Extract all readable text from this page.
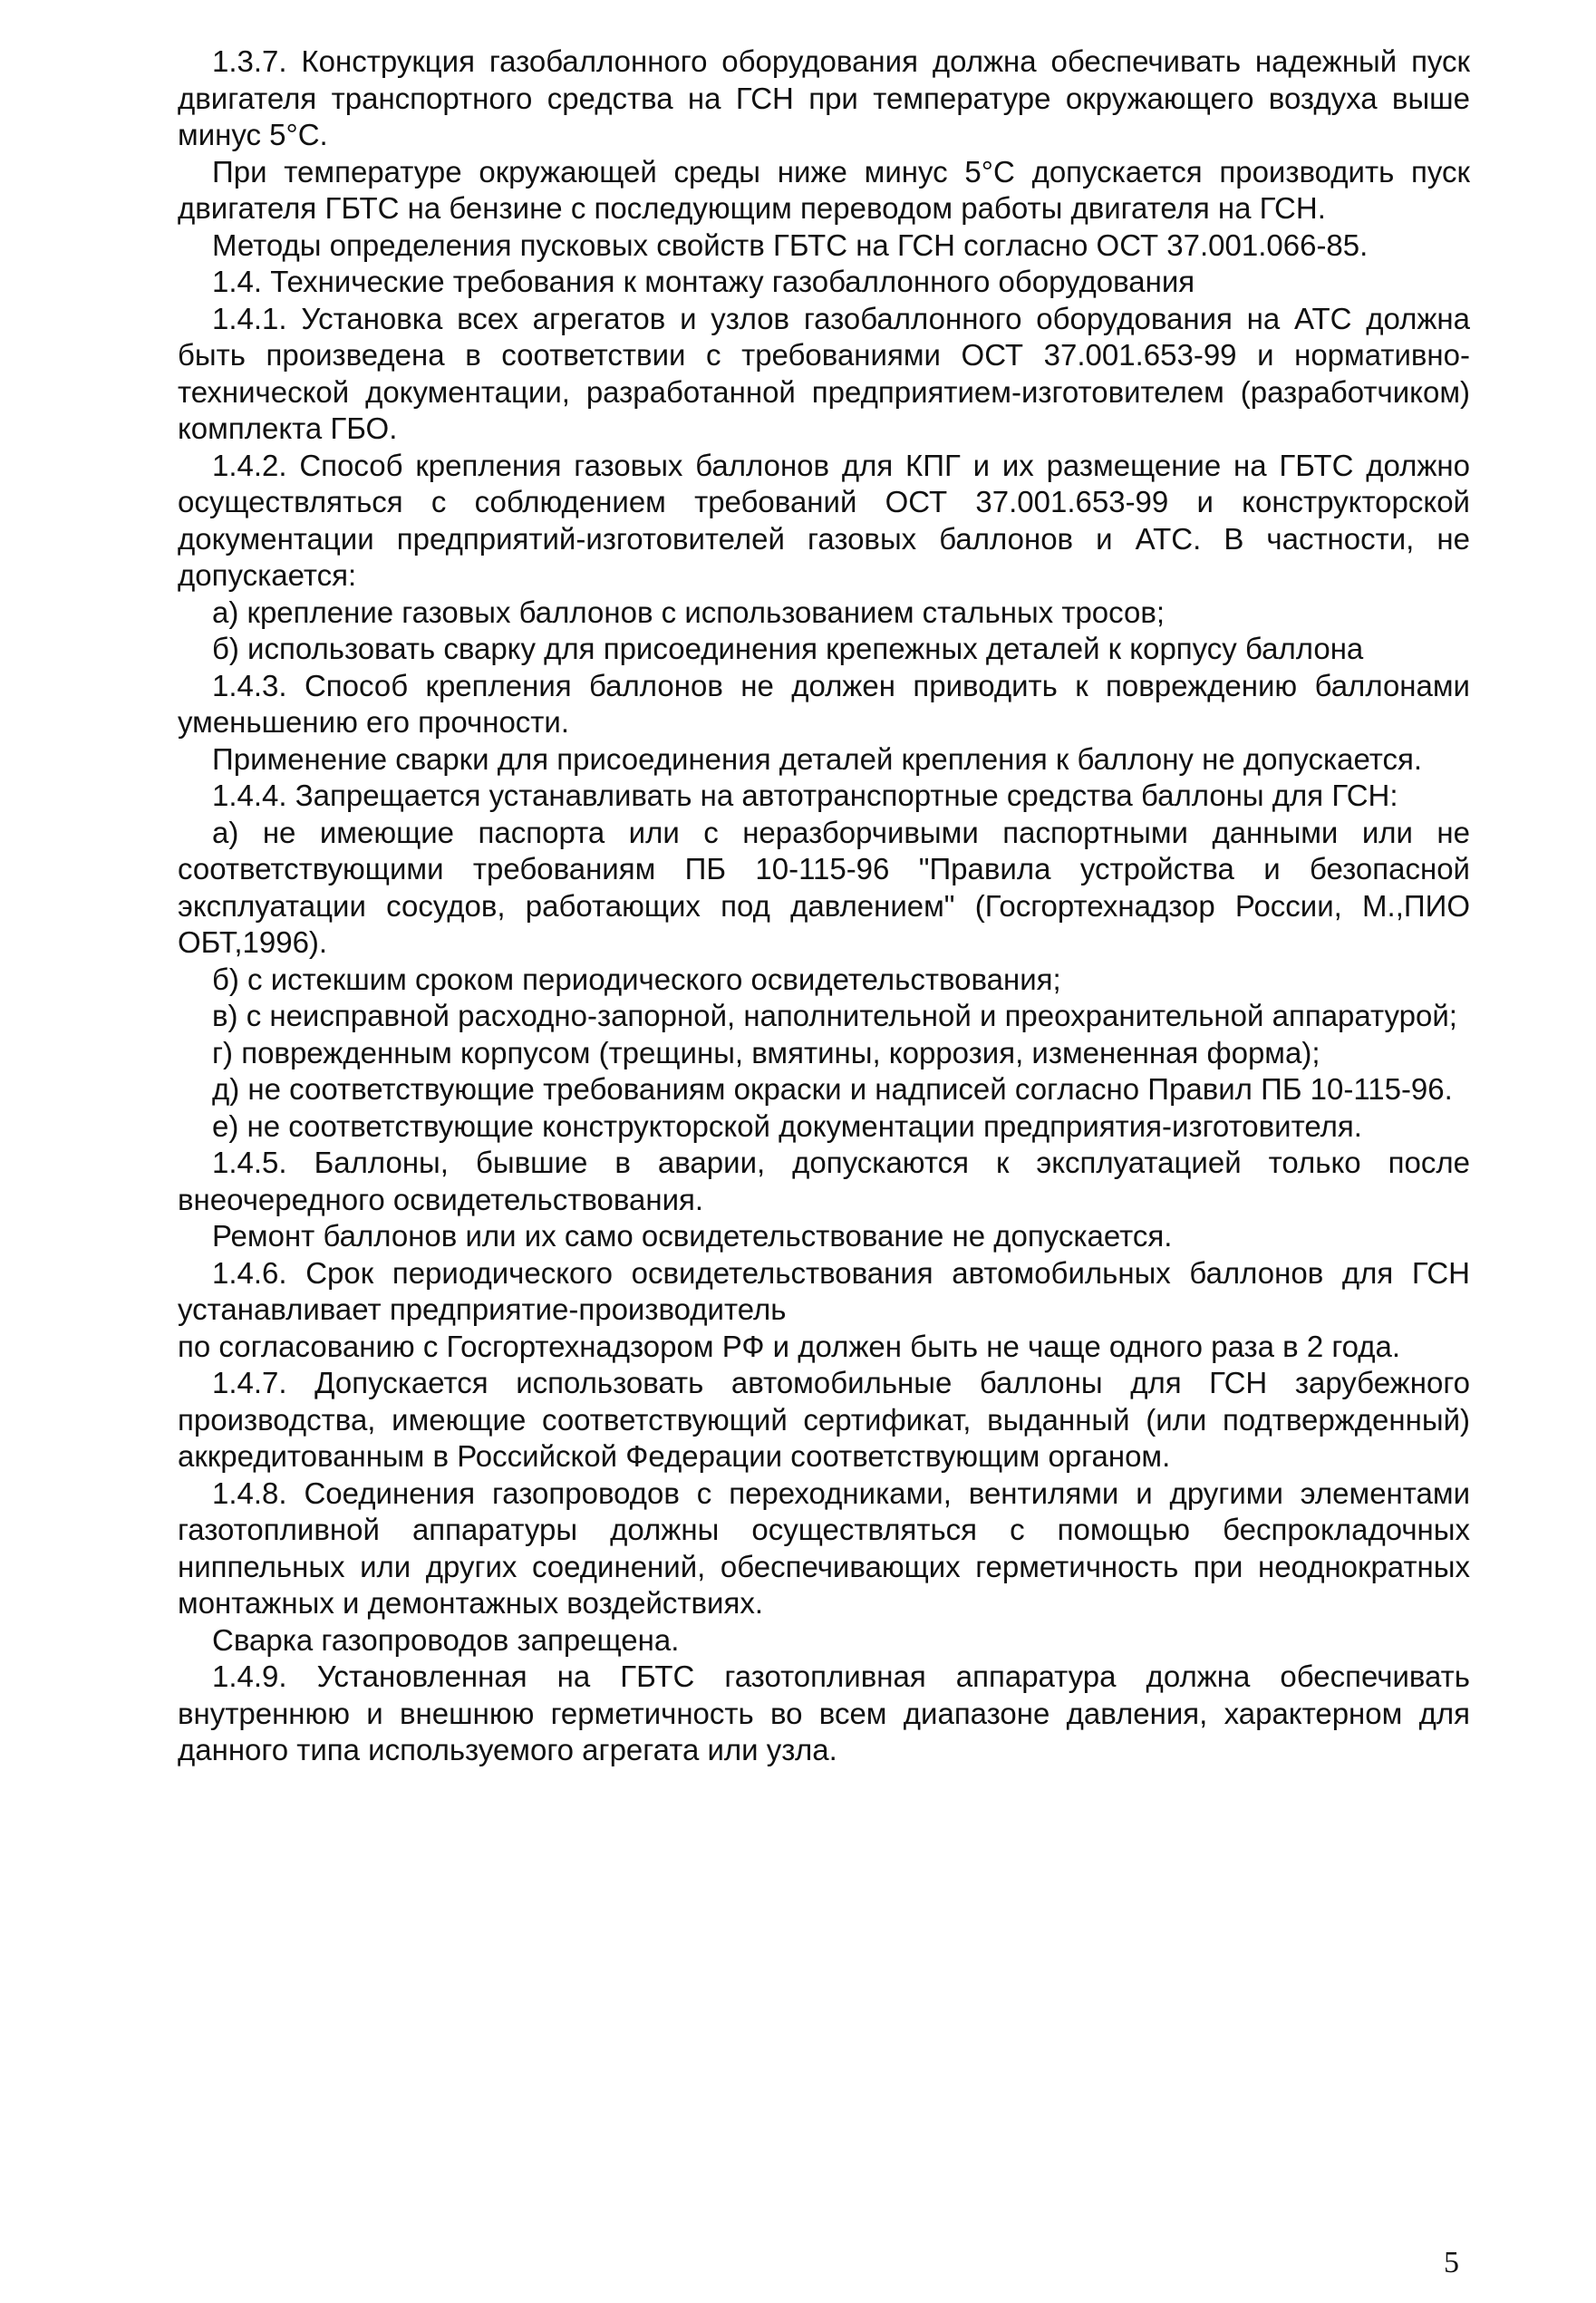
1.3.7. Конструкция газобаллонного оборудования должна обеспечивать надежный пуск двигателя транспортного средства на ГСН при температуре окружающего воздуха выше минус 5°С.

При температуре окружающей среды ниже минус 5°С допускается производить пуск двигателя ГБТС на бензине с последующим переводом работы двигателя на ГСН.

Методы определения пусковых свойств ГБТС на ГСН согласно ОСТ 37.001.066-85.

1.4. Технические требования к монтажу газобаллонного оборудования

1.4.1. Установка всех агрегатов и узлов газобаллонного оборудования на АТС должна быть произведена в соответствии с требованиями ОСТ 37.001.653-99 и нормативно-технической документации, разработанной предприятием-изготовителем (разработчиком) комплекта ГБО.

1.4.2. Способ крепления газовых баллонов для КПГ и их размещение на ГБТС должно осуществляться с соблюдением требований ОСТ 37.001.653-99 и конструкторской документации предприятий-изготовителей газовых баллонов и АТС. В частности, не допускается:

а) крепление газовых баллонов с использованием стальных тросов;

б) использовать сварку для присоединения крепежных деталей к корпусу баллона

1.4.3. Способ крепления баллонов не должен приводить к повреждению баллонами уменьшению его прочности.

Применение сварки для присоединения деталей крепления к баллону не допускается.

1.4.4. Запрещается устанавливать на автотранспортные средства баллоны для ГСН:

а) не имеющие паспорта или с неразборчивыми паспортными данными или не соответствующими требованиям ПБ 10-115-96 "Правила устройства и безопасной эксплуатации сосудов, работающих под давлением" (Госгортехнадзор России, М.,ПИО ОБТ,1996).

б) с истекшим сроком периодического освидетельствования;

в) с неисправной расходно-запорной, наполнительной и преохранительной аппаратурой;

г) поврежденным корпусом (трещины, вмятины, коррозия, измененная форма);

д) не соответствующие требованиям окраски и надписей согласно Правил ПБ 10-115-96.

е) не соответствующие конструкторской документации предприятия-изготовителя.

1.4.5. Баллоны, бывшие в аварии, допускаются к эксплуатацией только после внеочередного освидетельствования.

Ремонт баллонов или их само освидетельствование не допускается.

1.4.6. Срок периодического освидетельствования автомобильных баллонов для ГСН устанавливает предприятие-производитель

по согласованию с Госгортехнадзором РФ и должен быть не чаще одного раза в 2 года.

1.4.7. Допускается использовать автомобильные баллоны для ГСН зарубежного производства, имеющие соответствующий сертификат, выданный (или подтвержденный) аккредитованным в Российской Федерации соответствующим органом.

1.4.8. Соединения газопроводов с переходниками, вентилями и другими элементами газотопливной аппаратуры должны осуществляться с помощью беспрокладочных ниппельных или других соединений, обеспечивающих герметичность при неоднократных монтажных и демонтажных воздействиях.

Сварка газопроводов запрещена.

1.4.9. Установленная на ГБТС газотопливная аппаратура должна обеспечивать внутреннюю и внешнюю герметичность во всем диапазоне давления, характерном для данного типа используемого агрегата или узла.

5
